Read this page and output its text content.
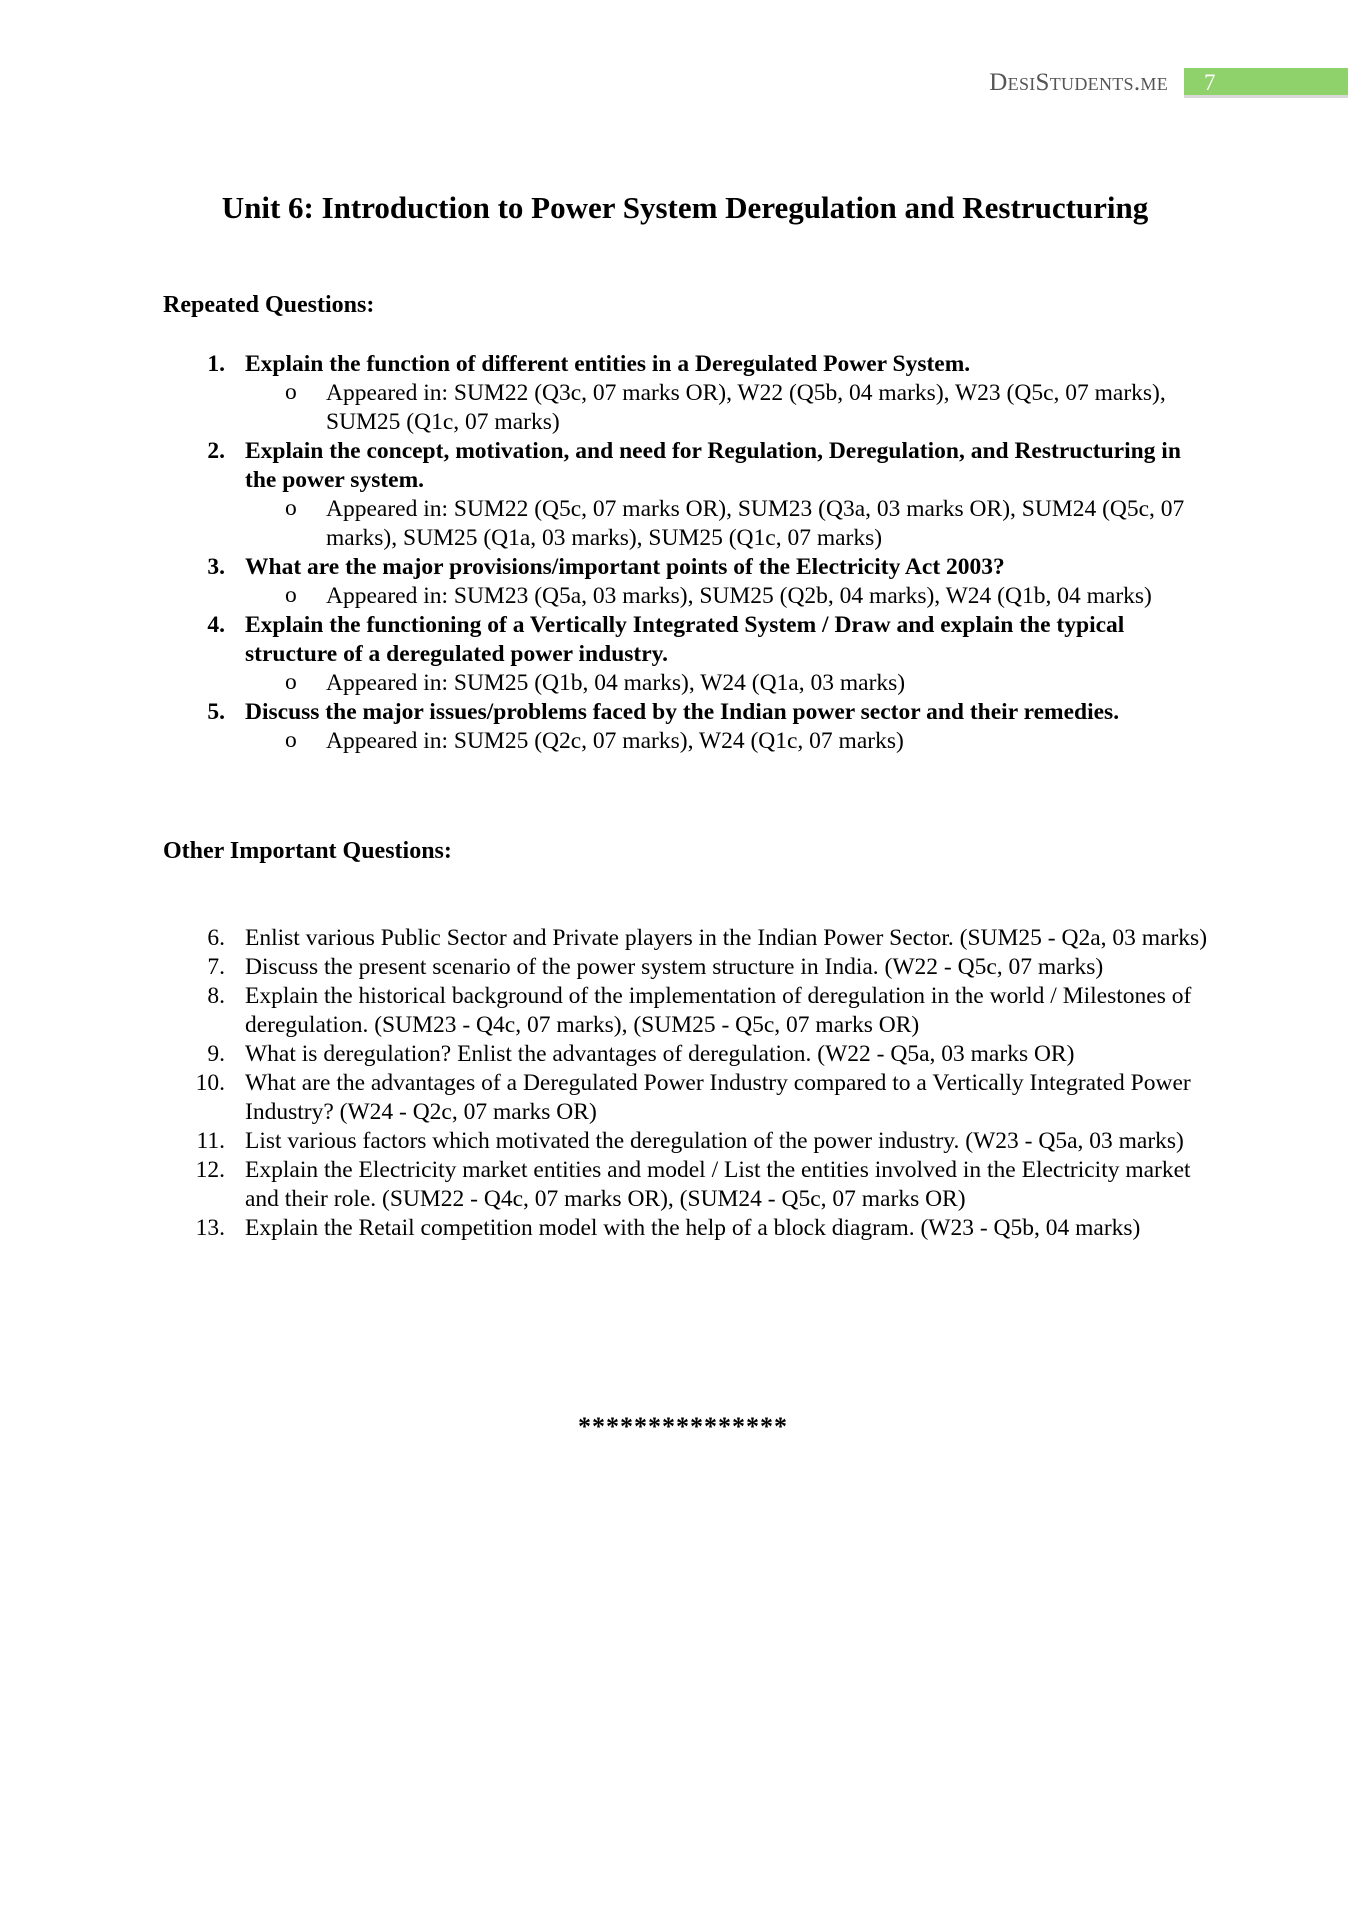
DesiStudents.me	7
Unit 6: Introduction to Power System Deregulation and Restructuring
Repeated Questions:
1. Explain the function of different entities in a Deregulated Power System.
o Appeared in: SUM22 (Q3c, 07 marks OR), W22 (Q5b, 04 marks), W23 (Q5c, 07 marks), SUM25 (Q1c, 07 marks)
2. Explain the concept, motivation, and need for Regulation, Deregulation, and Restructuring in the power system.
o Appeared in: SUM22 (Q5c, 07 marks OR), SUM23 (Q3a, 03 marks OR), SUM24 (Q5c, 07 marks), SUM25 (Q1a, 03 marks), SUM25 (Q1c, 07 marks)
3. What are the major provisions/important points of the Electricity Act 2003?
o Appeared in: SUM23 (Q5a, 03 marks), SUM25 (Q2b, 04 marks), W24 (Q1b, 04 marks)
4. Explain the functioning of a Vertically Integrated System / Draw and explain the typical structure of a deregulated power industry.
o Appeared in: SUM25 (Q1b, 04 marks), W24 (Q1a, 03 marks)
5. Discuss the major issues/problems faced by the Indian power sector and their remedies.
o Appeared in: SUM25 (Q2c, 07 marks), W24 (Q1c, 07 marks)
Other Important Questions:
6. Enlist various Public Sector and Private players in the Indian Power Sector. (SUM25 - Q2a, 03 marks)
7. Discuss the present scenario of the power system structure in India. (W22 - Q5c, 07 marks)
8. Explain the historical background of the implementation of deregulation in the world / Milestones of deregulation. (SUM23 - Q4c, 07 marks), (SUM25 - Q5c, 07 marks OR)
9. What is deregulation? Enlist the advantages of deregulation. (W22 - Q5a, 03 marks OR)
10. What are the advantages of a Deregulated Power Industry compared to a Vertically Integrated Power Industry? (W24 - Q2c, 07 marks OR)
11. List various factors which motivated the deregulation of the power industry. (W23 - Q5a, 03 marks)
12. Explain the Electricity market entities and model / List the entities involved in the Electricity market and their role. (SUM22 - Q4c, 07 marks OR), (SUM24 - Q5c, 07 marks OR)
13. Explain the Retail competition model with the help of a block diagram. (W23 - Q5b, 04 marks)
***************
